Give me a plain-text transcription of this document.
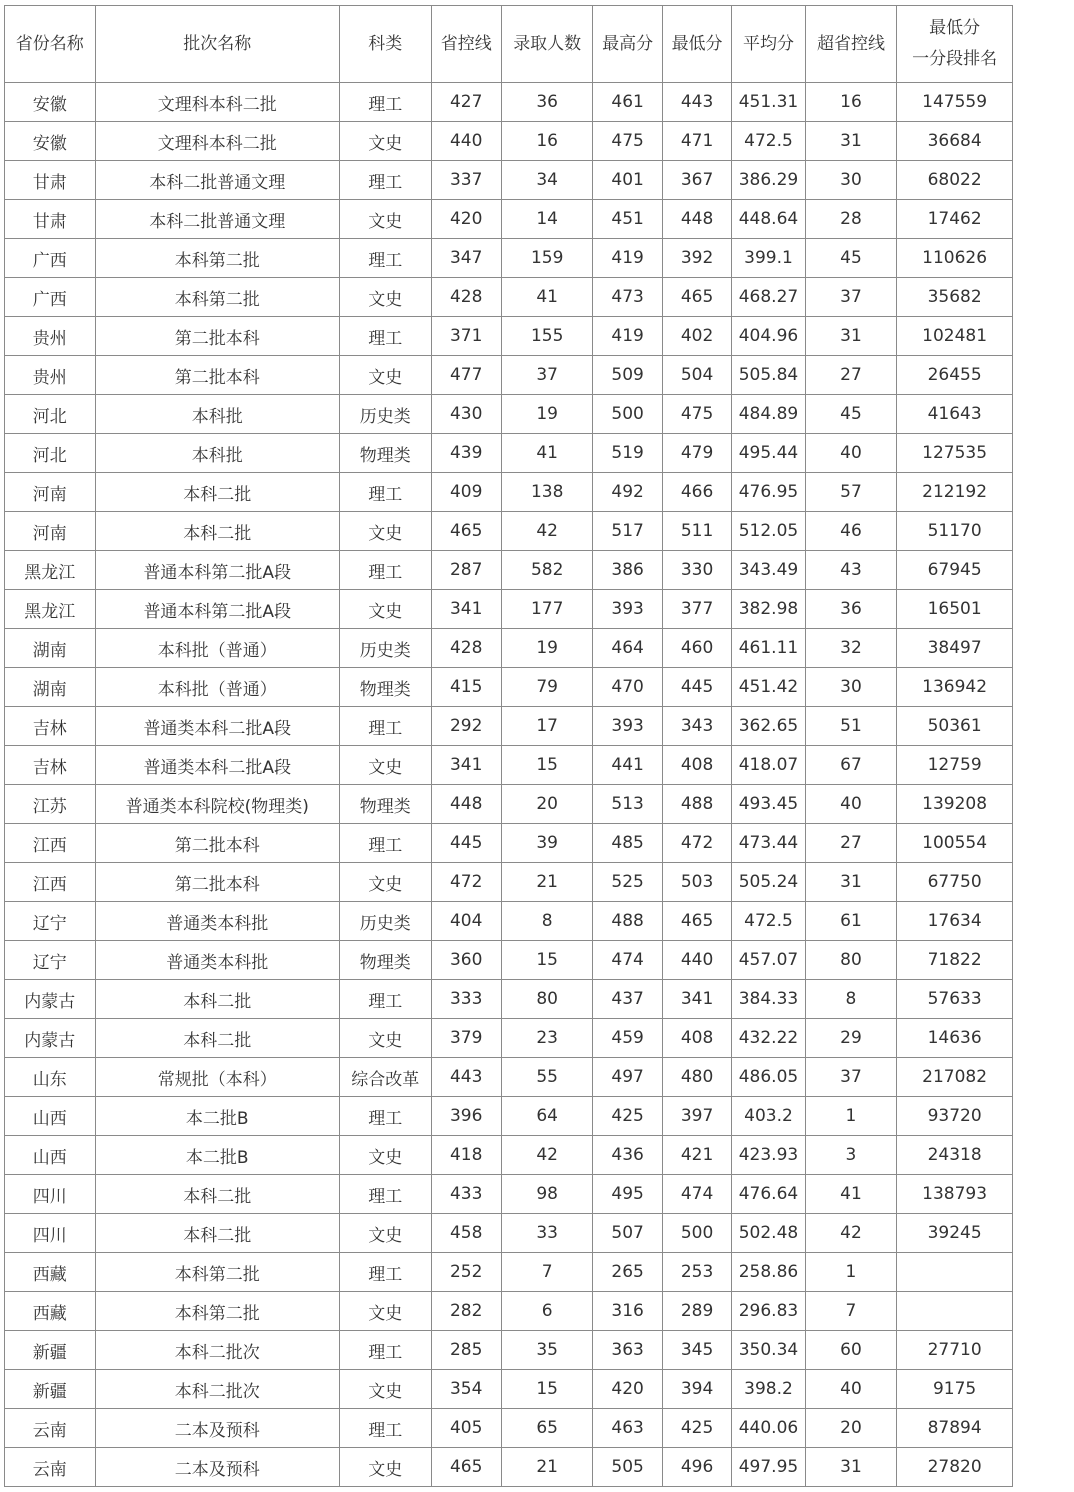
省份名称	批次名称	科类	省控线	录取人数	最高分	最低分	平均分	超省控线	最低分
一分段排名

安徽	文理科本科二批	理工	427	36	461	443	451.31	16	147559
安徽	文理科本科二批	文史	440	16	475	471	472.5	31	36684
甘肃	本科二批普通文理	理工	337	34	401	367	386.29	30	68022
甘肃	本科二批普通文理	文史	420	14	451	448	448.64	28	17462
广西	本科第二批	理工	347	159	419	392	399.1	45	110626
广西	本科第二批	文史	428	41	473	465	468.27	37	35682
贵州	第二批本科	理工	371	155	419	402	404.96	31	102481
贵州	第二批本科	文史	477	37	509	504	505.84	27	26455
河北	本科批	历史类	430	19	500	475	484.89	45	41643
河北	本科批	物理类	439	41	519	479	495.44	40	127535
河南	本科二批	理工	409	138	492	466	476.95	57	212192
河南	本科二批	文史	465	42	517	511	512.05	46	51170
黑龙江	普通本科第二批A段	理工	287	582	386	330	343.49	43	67945
黑龙江	普通本科第二批A段	文史	341	177	393	377	382.98	36	16501
湖南	本科批（普通）	历史类	428	19	464	460	461.11	32	38497
湖南	本科批（普通）	物理类	415	79	470	445	451.42	30	136942
吉林	普通类本科二批A段	理工	292	17	393	343	362.65	51	50361
吉林	普通类本科二批A段	文史	341	15	441	408	418.07	67	12759
江苏	普通类本科院校(物理类)	物理类	448	20	513	488	493.45	40	139208
江西	第二批本科	理工	445	39	485	472	473.44	27	100554
江西	第二批本科	文史	472	21	525	503	505.24	31	67750
辽宁	普通类本科批	历史类	404	8	488	465	472.5	61	17634
辽宁	普通类本科批	物理类	360	15	474	440	457.07	80	71822
内蒙古	本科二批	理工	333	80	437	341	384.33	8	57633
内蒙古	本科二批	文史	379	23	459	408	432.22	29	14636
山东	常规批（本科）	综合改革	443	55	497	480	486.05	37	217082
山西	本二批B	理工	396	64	425	397	403.2	1	93720
山西	本二批B	文史	418	42	436	421	423.93	3	24318
四川	本科二批	理工	433	98	495	474	476.64	41	138793
四川	本科二批	文史	458	33	507	500	502.48	42	39245
西藏	本科第二批	理工	252	7	265	253	258.86	1	
西藏	本科第二批	文史	282	6	316	289	296.83	7	
新疆	本科二批次	理工	285	35	363	345	350.34	60	27710
新疆	本科二批次	文史	354	15	420	394	398.2	40	9175
云南	二本及预科	理工	405	65	463	425	440.06	20	87894
云南	二本及预科	文史	465	21	505	496	497.95	31	27820
